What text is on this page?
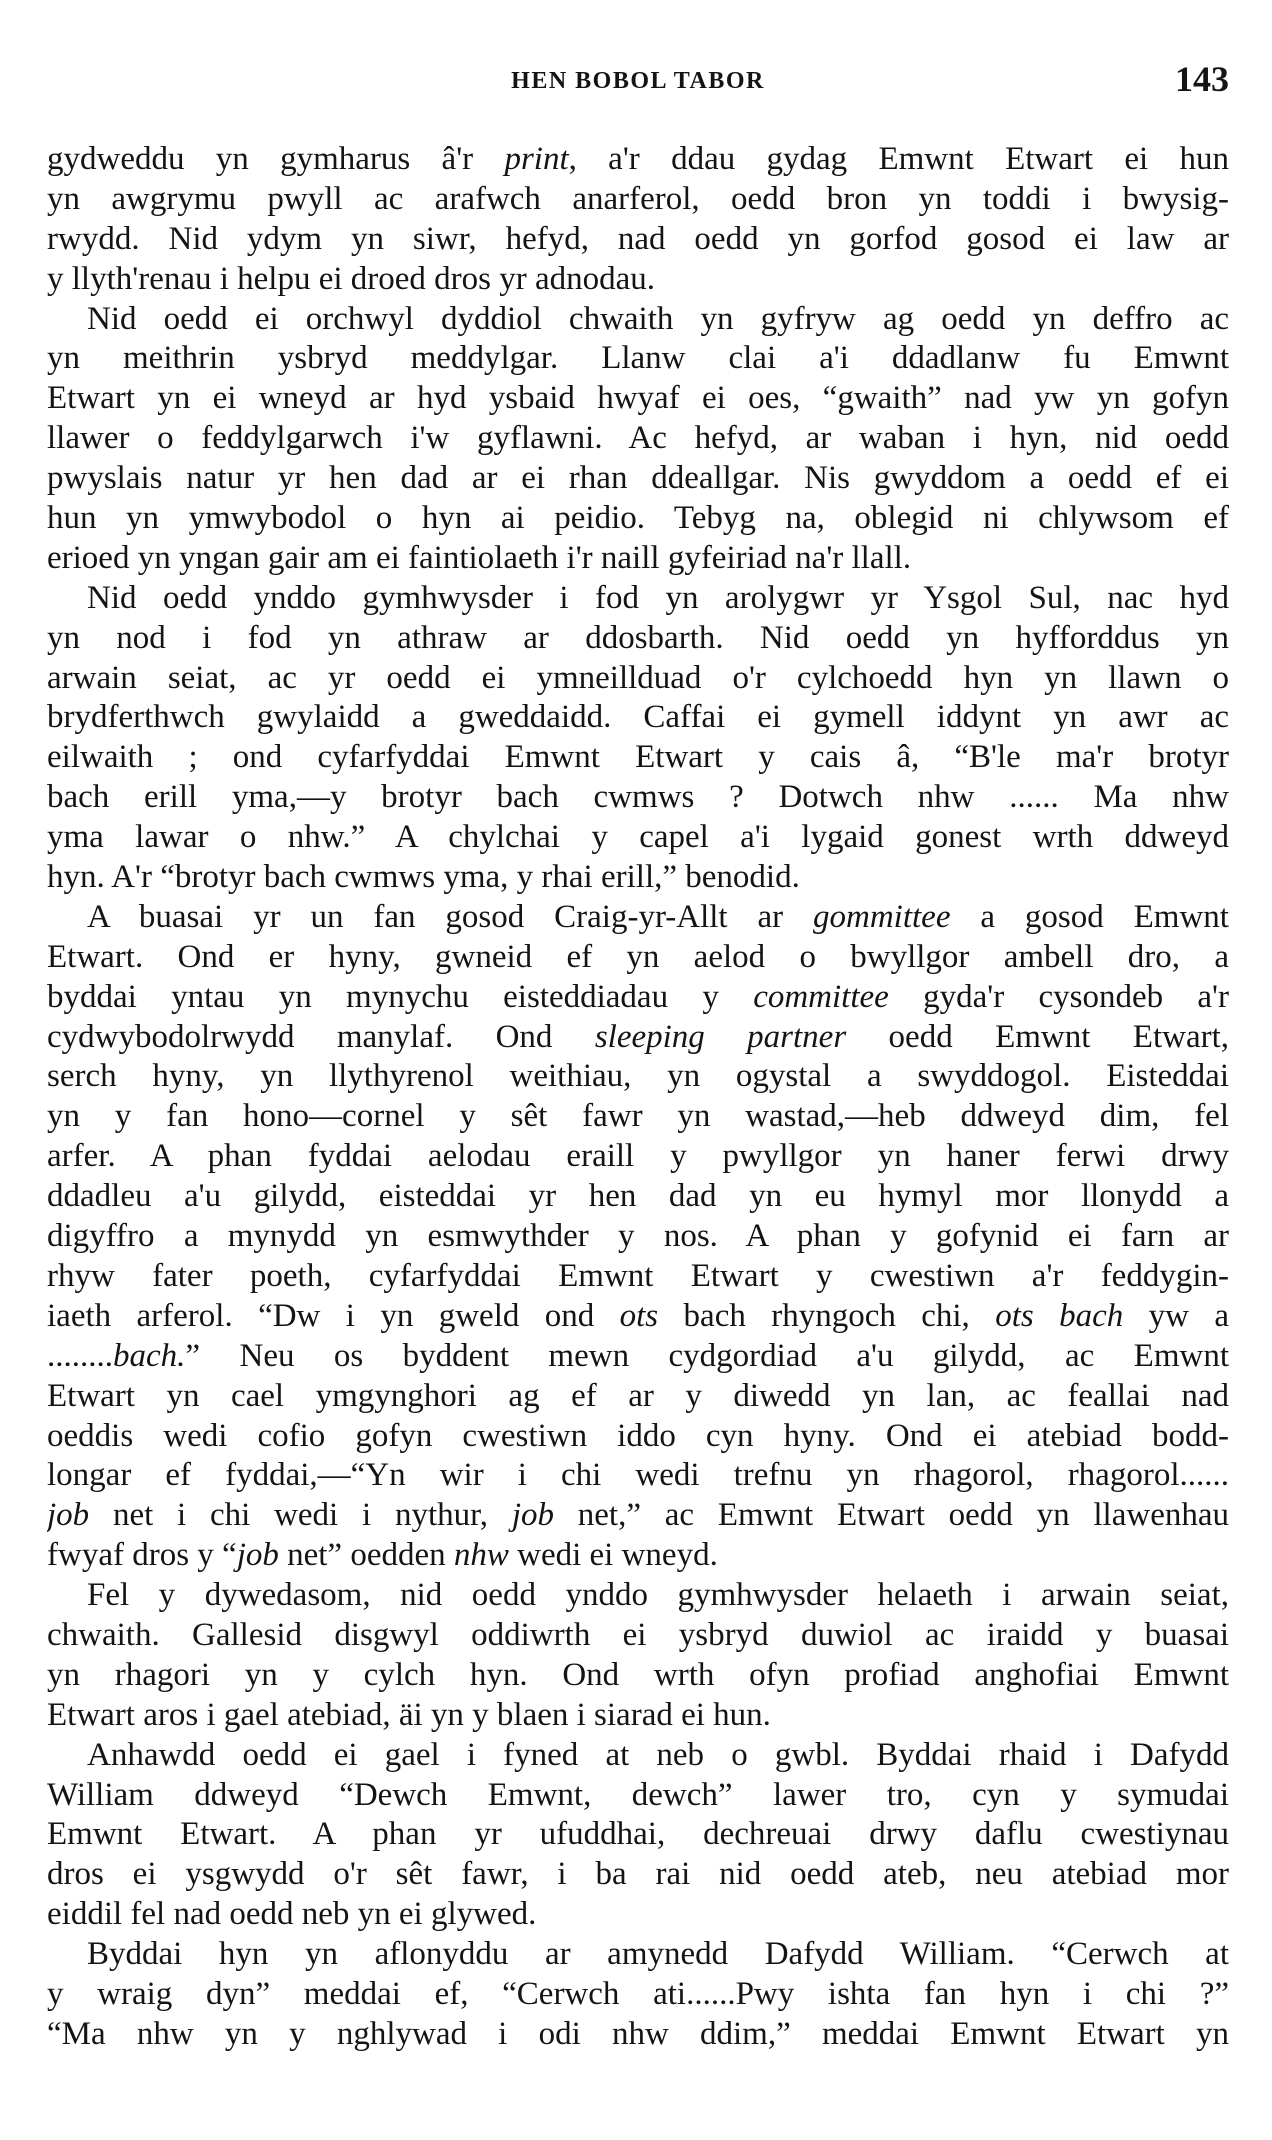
HEN BOBOL TABOR	143
gydweddu yn gymharus â'r print, a'r ddau gydag Emwnt Etwart ei hun
yn awgrymu pwyll ac arafwch anarferol, oedd bron yn toddi i bwysig-
rwydd. Nid ydym yn siwr, hefyd, nad oedd yn gorfod gosod ei law ar
y llyth'renau i helpu ei droed dros yr adnodau.
Nid oedd ei orchwyl dyddiol chwaith yn gyfryw ag oedd yn deffro ac
yn meithrin ysbryd meddylgar. Llanw clai a'i ddadlanw fu Emwnt
Etwart yn ei wneyd ar hyd ysbaid hwyaf ei oes, “gwaith” nad yw yn gofyn
llawer o feddylgarwch i'w gyflawni. Ac hefyd, ar waban i hyn, nid oedd
pwyslais natur yr hen dad ar ei rhan ddeallgar. Nis gwyddom a oedd ef ei
hun yn ymwybodol o hyn ai peidio. Tebyg na, oblegid ni chlywsom ef
erioed yn yngan gair am ei faintiolaeth i'r naill gyfeiriad na'r llall.
Nid oedd ynddo gymhwysder i fod yn arolygwr yr Ysgol Sul, nac hyd
yn nod i fod yn athraw ar ddosbarth. Nid oedd yn hyfforddus yn
arwain seiat, ac yr oedd ei ymneillduad o'r cylchoedd hyn yn llawn o
brydferthwch gwylaidd a gweddaidd. Caffai ei gymell iddynt yn awr ac
eilwaith ; ond cyfarfyddai Emwnt Etwart y cais â, “B'le ma'r brotyr
bach erill yma,—y brotyr bach cwmws ? Dotwch nhw ...... Ma nhw
yma lawar o nhw.” A chylchai y capel a'i lygaid gonest wrth ddweyd
hyn. A'r “brotyr bach cwmws yma, y rhai erill,” benodid.
A buasai yr un fan gosod Craig-yr-Allt ar gommittee a gosod Emwnt
Etwart. Ond er hyny, gwneid ef yn aelod o bwyllgor ambell dro, a
byddai yntau yn mynychu eisteddiadau y committee gyda'r cysondeb a'r
cydwybodolrwydd manylaf. Ond sleeping partner oedd Emwnt Etwart,
serch hyny, yn llythyrenol weithiau, yn ogystal a swyddogol. Eisteddai
yn y fan hono—cornel y sêt fawr yn wastad,—heb ddweyd dim, fel
arfer. A phan fyddai aelodau eraill y pwyllgor yn haner ferwi drwy
ddadleu a'u gilydd, eisteddai yr hen dad yn eu hymyl mor llonydd a
digyffro a mynydd yn esmwythder y nos. A phan y gofynid ei farn ar
rhyw fater poeth, cyfarfyddai Emwnt Etwart y cwestiwn a'r feddygin-
iaeth arferol. “Dw i yn gweld ond ots bach rhyngoch chi, ots bach yw a
........bach.” Neu os byddent mewn cydgordiad a'u gilydd, ac Emwnt
Etwart yn cael ymgynghori ag ef ar y diwedd yn lan, ac feallai nad
oeddis wedi cofio gofyn cwestiwn iddo cyn hyny. Ond ei atebiad bodd-
longar ef fyddai,—“Yn wir i chi wedi trefnu yn rhagorol, rhagorol......
job net i chi wedi i nythur, job net,” ac Emwnt Etwart oedd yn llawenhau
fwyaf dros y “job net” oedden nhw wedi ei wneyd.
Fel y dywedasom, nid oedd ynddo gymhwysder helaeth i arwain seiat,
chwaith. Gallesid disgwyl oddiwrth ei ysbryd duwiol ac iraidd y buasai
yn rhagori yn y cylch hyn. Ond wrth ofyn profiad anghofiai Emwnt
Etwart aros i gael atebiad, äi yn y blaen i siarad ei hun.
Anhawdd oedd ei gael i fyned at neb o gwbl. Byddai rhaid i Dafydd
William ddweyd “Dewch Emwnt, dewch” lawer tro, cyn y symudai
Emwnt Etwart. A phan yr ufuddhai, dechreuai drwy daflu cwestiynau
dros ei ysgwydd o'r sêt fawr, i ba rai nid oedd ateb, neu atebiad mor
eiddil fel nad oedd neb yn ei glywed.
Byddai hyn yn aflonyddu ar amynedd Dafydd William. “Cerwch at
y wraig dyn” meddai ef, “Cerwch ati......Pwy ishta fan hyn i chi ?”
“Ma nhw yn y nghlywad i odi nhw ddim,” meddai Emwnt Etwart yn
